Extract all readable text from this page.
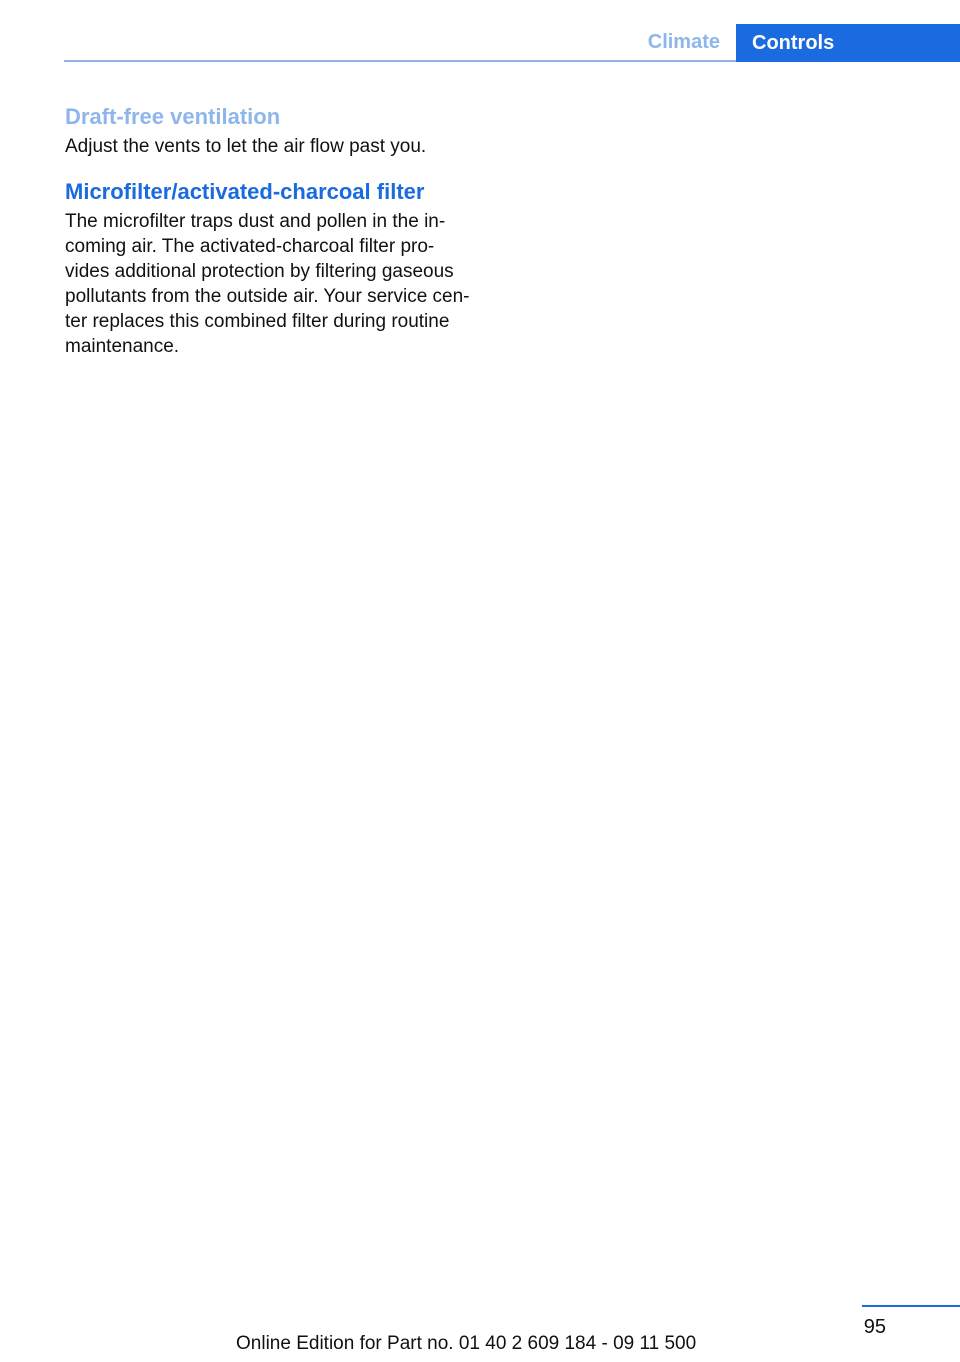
Climate Controls
Draft-free ventilation

Adjust the vents to let the air flow past you.

Microfilter/activated-charcoal filter

The microfilter traps dust and pollen in the in-
coming air. The activated-charcoal filter pro-
vides additional protection by filtering gaseous
pollutants from the outside air. Your service cen-
ter replaces this combined filter during routine
maintenance.

95
Online Edition for Part no. 01 40 2 609 184 - 09 11 500
